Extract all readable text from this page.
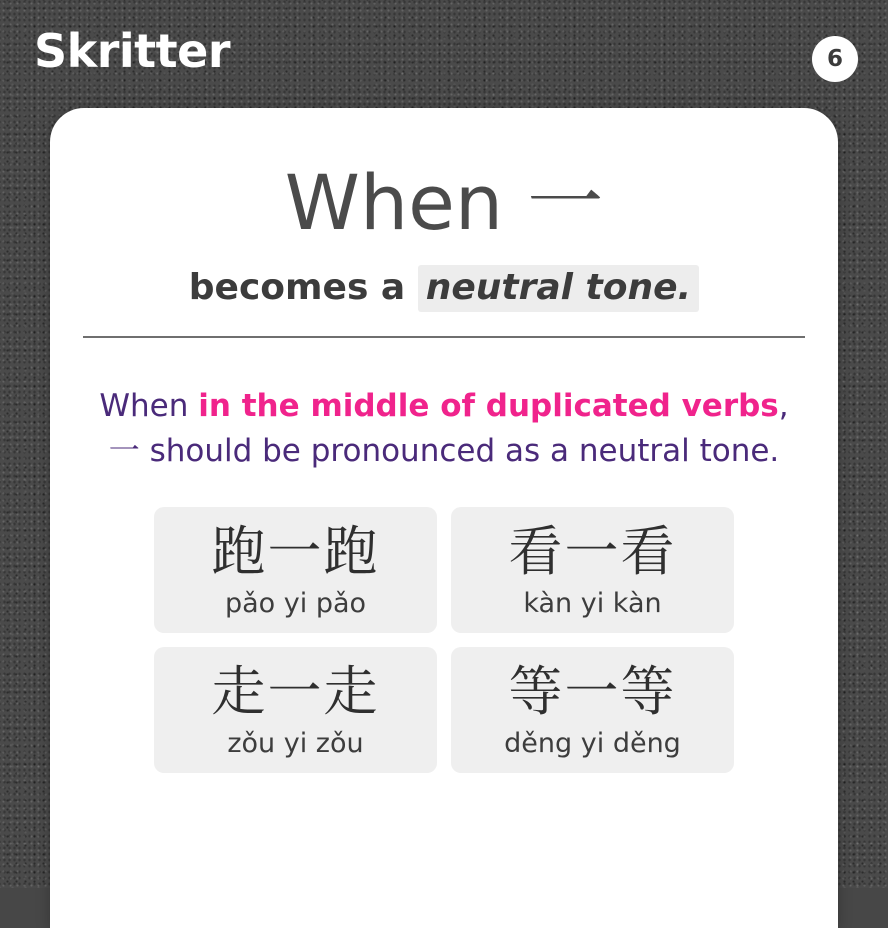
Skritter	6
When 一
becomes a neutral tone.
When in the middle of duplicated verbs,
一 should be pronounced as a neutral tone.
跑一跑
pǎo yi pǎo
看一看
kàn yi kàn
走一走
zǒu yi zǒu
等一等
děng yi děng
